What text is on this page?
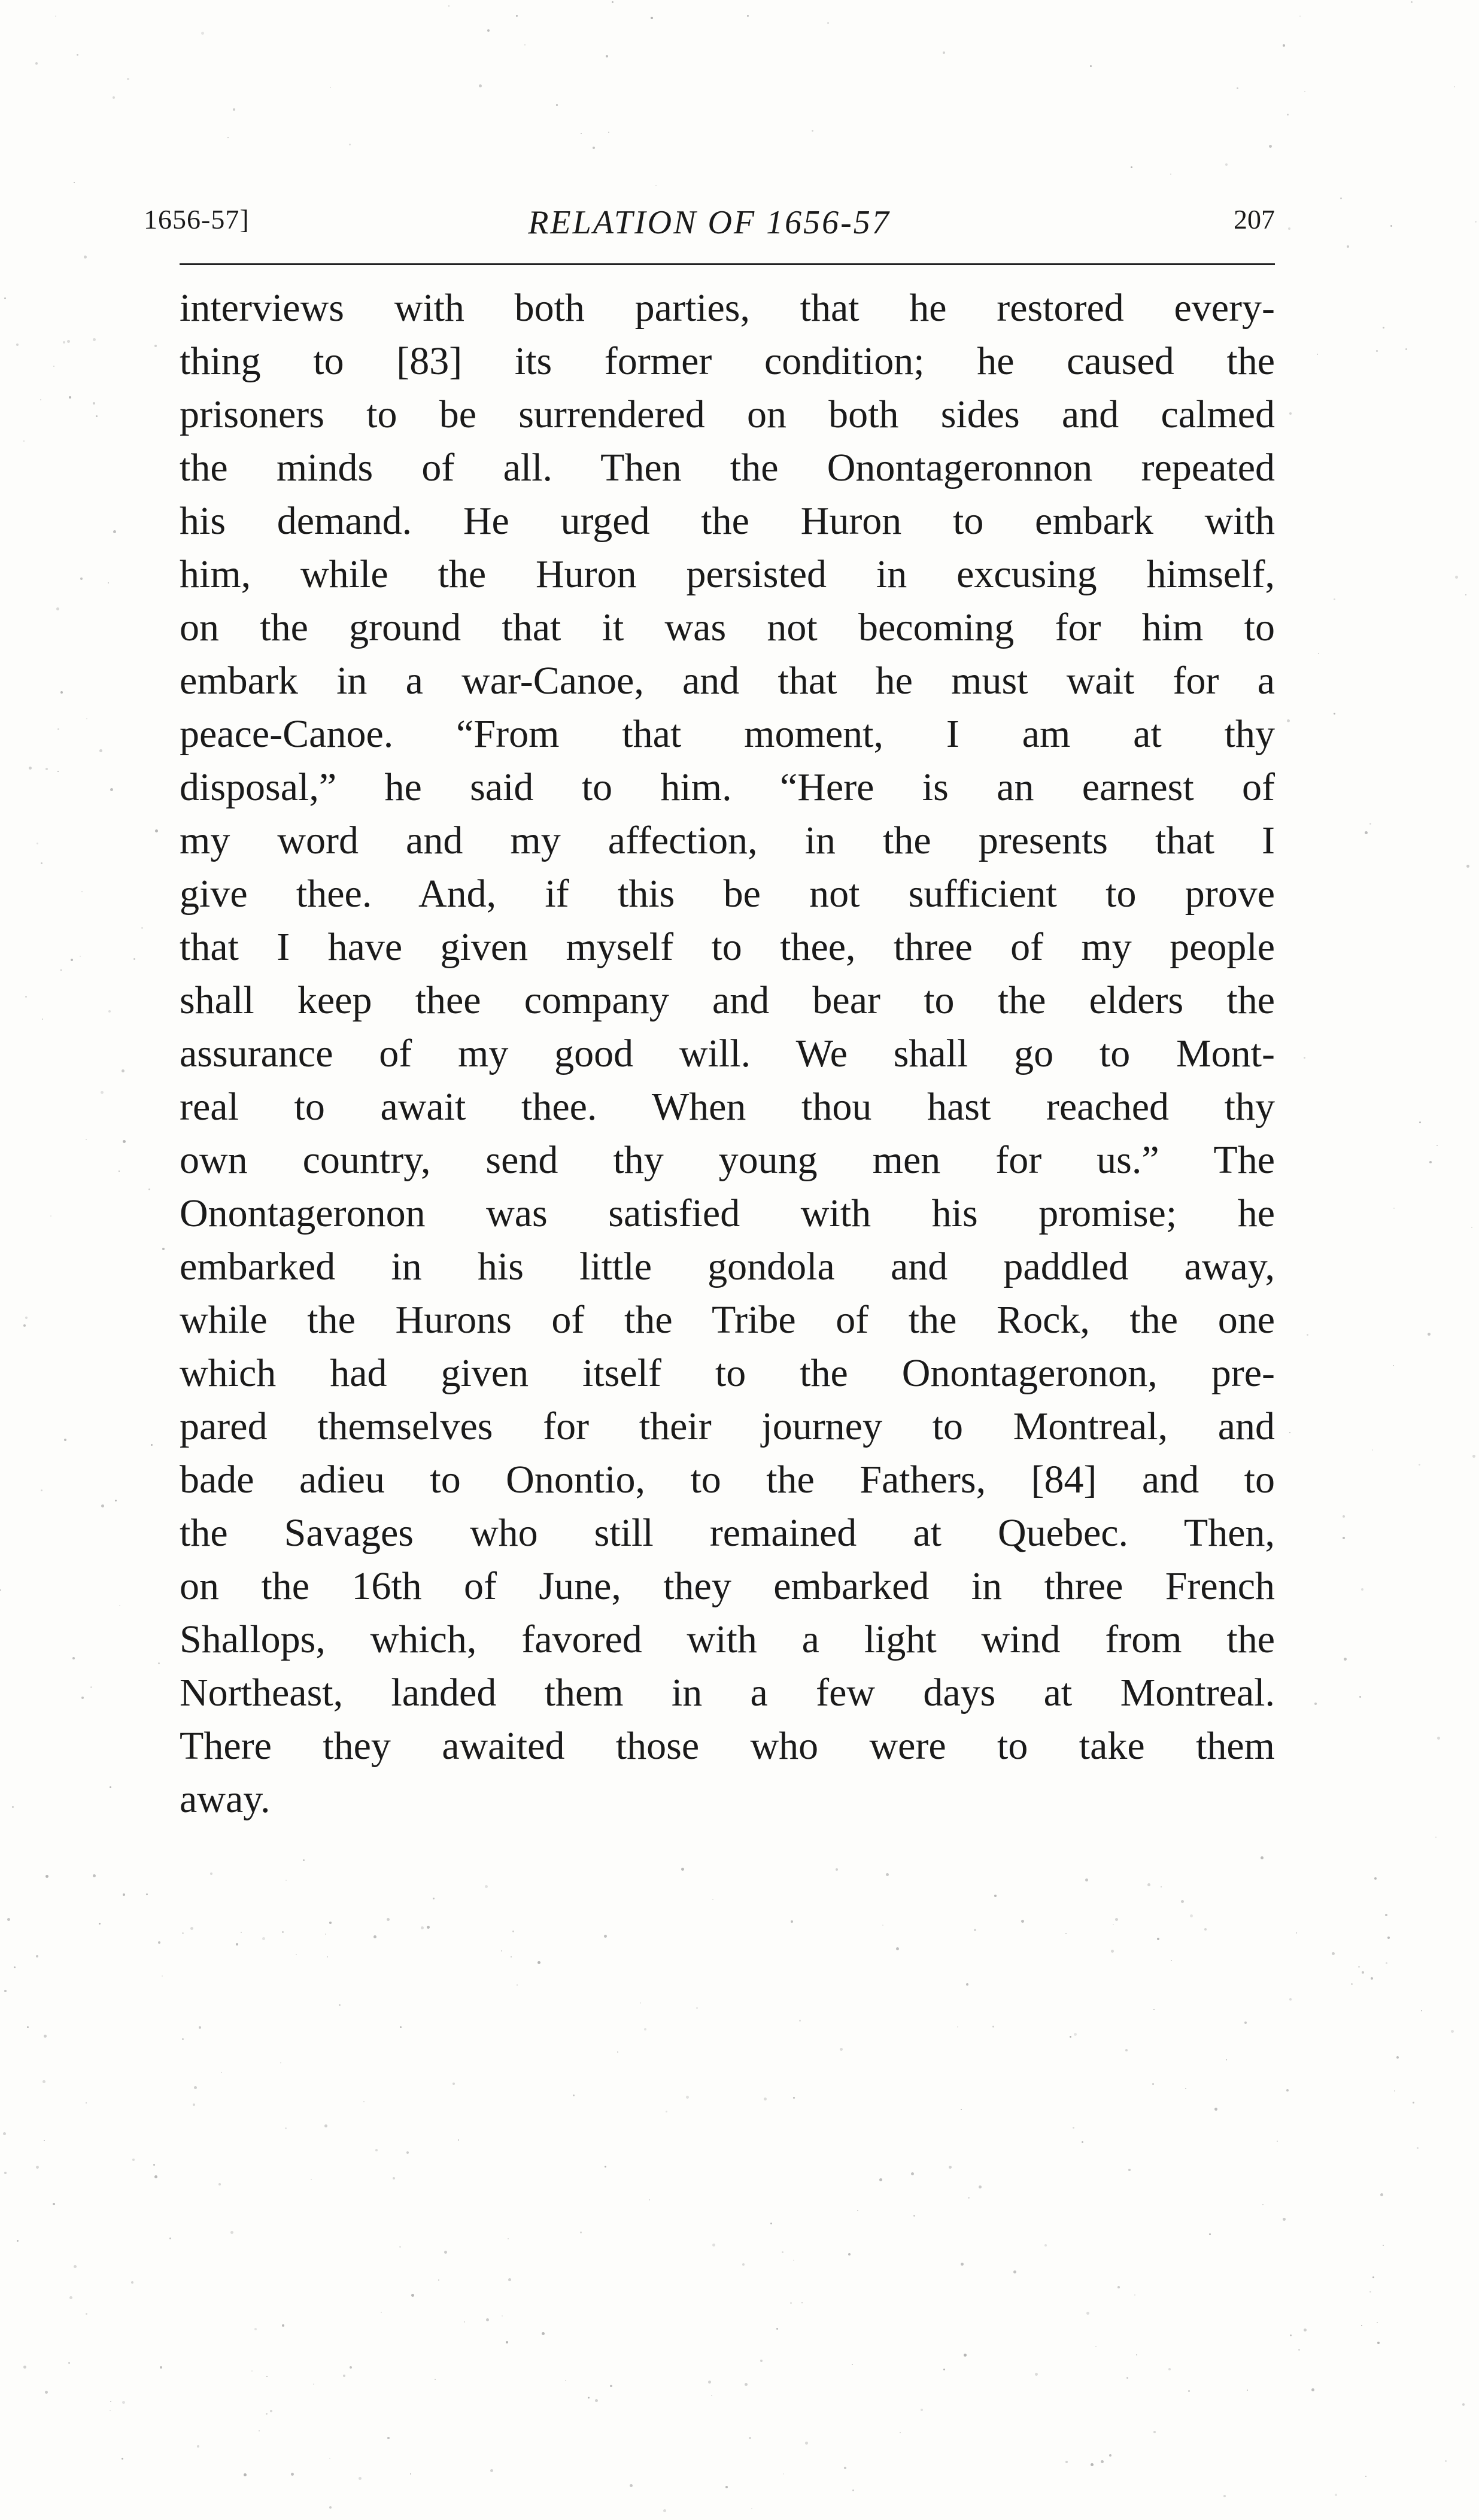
1656-57]	RELATION OF 1656-57	207
interviews with both parties, that he restored every-
thing to [83] its former condition; he caused the
prisoners to be surrendered on both sides and calmed
the minds of all. Then the Onontageronnon repeated
his demand. He urged the Huron to embark with
him, while the Huron persisted in excusing himself,
on the ground that it was not becoming for him to
embark in a war-Canoe, and that he must wait for a
peace-Canoe. “From that moment, I am at thy
disposal,” he said to him. “Here is an earnest of
my word and my affection, in the presents that I
give thee. And, if this be not sufficient to prove
that I have given myself to thee, three of my people
shall keep thee company and bear to the elders the
assurance of my good will. We shall go to Mont-
real to await thee. When thou hast reached thy
own country, send thy young men for us.” The
Onontageronon was satisfied with his promise; he
embarked in his little gondola and paddled away,
while the Hurons of the Tribe of the Rock, the one
which had given itself to the Onontageronon, pre-
pared themselves for their journey to Montreal, and
bade adieu to Onontio, to the Fathers, [84] and to
the Savages who still remained at Quebec. Then,
on the 16th of June, they embarked in three French
Shallops, which, favored with a light wind from the
Northeast, landed them in a few days at Montreal.
There they awaited those who were to take them
away.
